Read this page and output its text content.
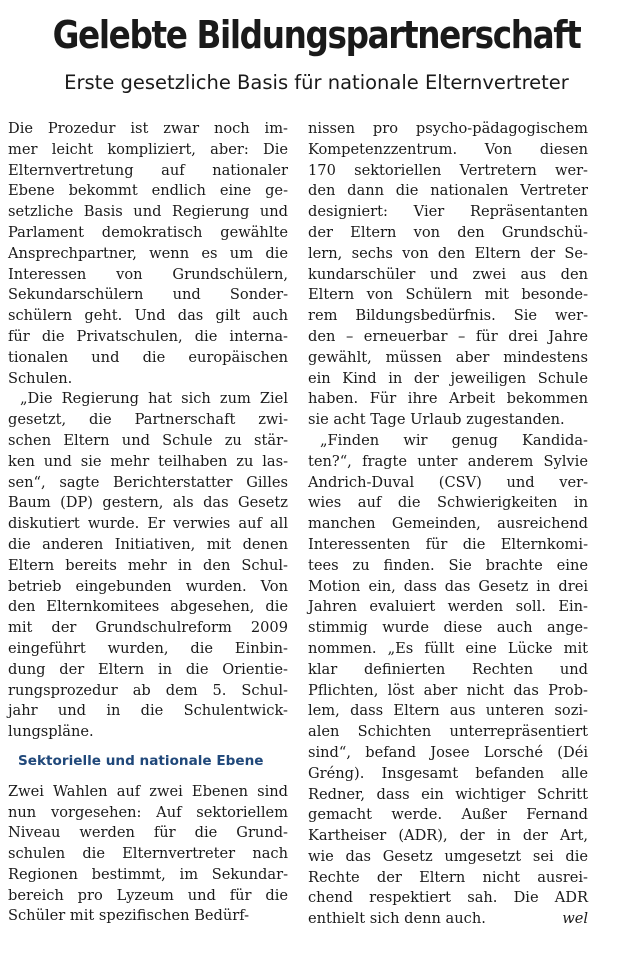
Gelebte Bildungspartnerschaft
Erste gesetzliche Basis für nationale Elternvertreter
Die Prozedur ist zwar noch im-
mer leicht kompliziert, aber: Die
Elternvertretung auf nationaler
Ebene bekommt endlich eine ge-
setzliche Basis und Regierung und
Parlament demokratisch gewählte
Ansprechpartner, wenn es um die
Interessen von Grundschülern,
Sekundarschülern und Sonder-
schülern geht. Und das gilt auch
für die Privatschulen, die interna-
tionalen und die europäischen
Schulen.
„Die Regierung hat sich zum Ziel
gesetzt, die Partnerschaft zwi-
schen Eltern und Schule zu stär-
ken und sie mehr teilhaben zu las-
sen“, sagte Berichterstatter Gilles
Baum (DP) gestern, als das Gesetz
diskutiert wurde. Er verwies auf all
die anderen Initiativen, mit denen
Eltern bereits mehr in den Schul-
betrieb eingebunden wurden. Von
den Elternkomitees abgesehen, die
mit der Grundschulreform 2009
eingeführt wurden, die Einbin-
dung der Eltern in die Orientie-
rungsprozedur ab dem 5. Schul-
jahr und in die Schulentwick-
lungspläne.
Sektorielle und nationale Ebene
Zwei Wahlen auf zwei Ebenen sind
nun vorgesehen: Auf sektoriellem
Niveau werden für die Grund-
schulen die Elternvertreter nach
Regionen bestimmt, im Sekundar-
bereich pro Lyzeum und für die
Schüler mit spezifischen Bedürf-
nissen pro psycho-pädagogischem
Kompetenzzentrum. Von diesen
170 sektoriellen Vertretern wer-
den dann die nationalen Vertreter
designiert: Vier Repräsentanten
der Eltern von den Grundschü-
lern, sechs von den Eltern der Se-
kundarschüler und zwei aus den
Eltern von Schülern mit besonde-
rem Bildungsbedürfnis. Sie wer-
den – erneuerbar – für drei Jahre
gewählt, müssen aber mindestens
ein Kind in der jeweiligen Schule
haben. Für ihre Arbeit bekommen
sie acht Tage Urlaub zugestanden.
„Finden wir genug Kandida-
ten?“, fragte unter anderem Sylvie
Andrich-Duval (CSV) und ver-
wies auf die Schwierigkeiten in
manchen Gemeinden, ausreichend
Interessenten für die Elternkomi-
tees zu finden. Sie brachte eine
Motion ein, dass das Gesetz in drei
Jahren evaluiert werden soll. Ein-
stimmig wurde diese auch ange-
nommen. „Es füllt eine Lücke mit
klar definierten Rechten und
Pflichten, löst aber nicht das Prob-
lem, dass Eltern aus unteren sozi-
alen Schichten unterrepräsentiert
sind“, befand Josee Lorsché (Déi
Gréng). Insgesamt befanden alle
Redner, dass ein wichtiger Schritt
gemacht werde. Außer Fernand
Kartheiser (ADR), der in der Art,
wie das Gesetz umgesetzt sei die
Rechte der Eltern nicht ausrei-
chend respektiert sah. Die ADR
enthielt sich denn auch.	wel
